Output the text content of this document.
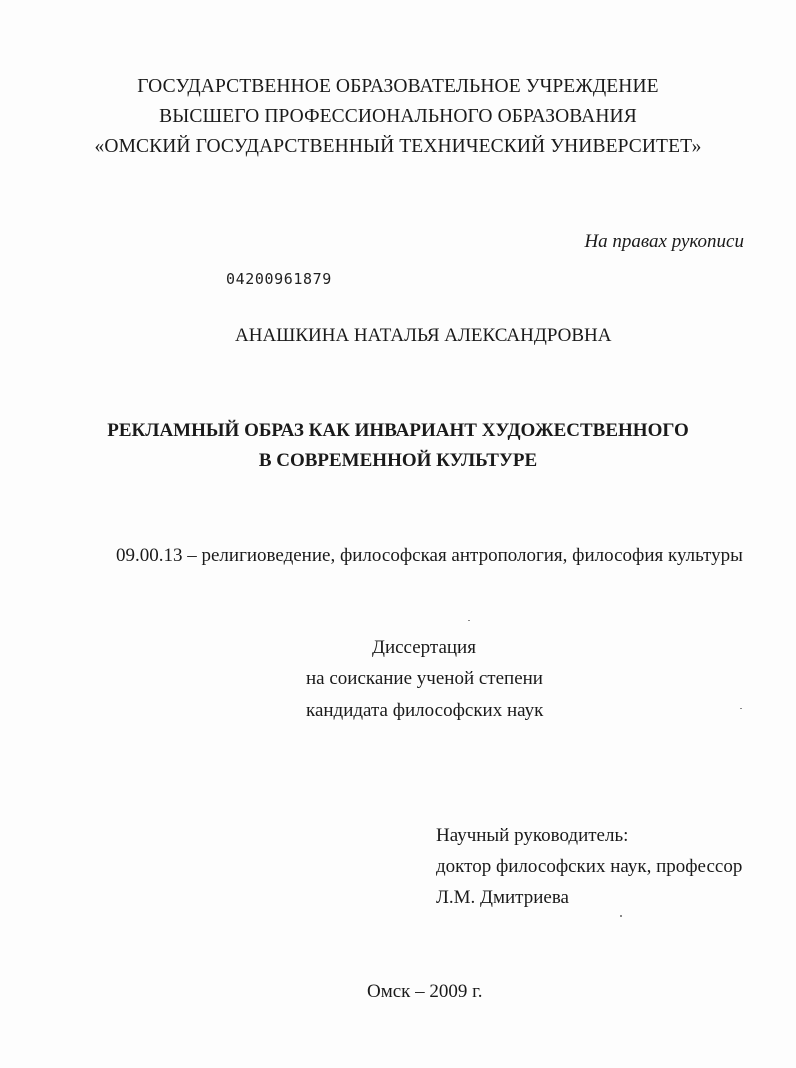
ГОСУДАРСТВЕННОЕ ОБРАЗОВАТЕЛЬНОЕ УЧРЕЖДЕНИЕ
ВЫСШЕГО ПРОФЕССИОНАЛЬНОГО ОБРАЗОВАНИЯ
«ОМСКИЙ ГОСУДАРСТВЕННЫЙ ТЕХНИЧЕСКИЙ УНИВЕРСИТЕТ»
На правах рукописи
04200961879
АНАШКИНА НАТАЛЬЯ АЛЕКСАНДРОВНА
РЕКЛАМНЫЙ ОБРАЗ КАК ИНВАРИАНТ ХУДОЖЕСТВЕННОГО
В СОВРЕМЕННОЙ КУЛЬТУРЕ
09.00.13 – религиоведение, философская антропология, философия культуры
Диссертация
на соискание ученой степени
кандидата философских наук
Научный руководитель:
доктор философских наук, профессор
Л.М. Дмитриева
Омск – 2009 г.
